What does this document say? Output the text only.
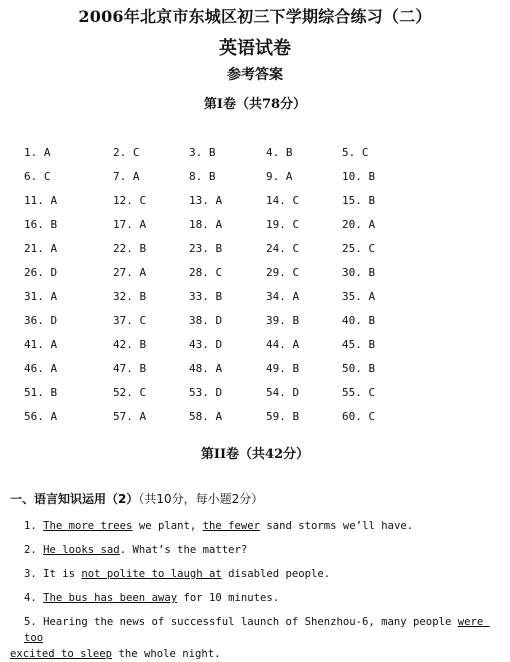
2006年北京市东城区初三下学期综合练习（二）
英语试卷
参考答案
第I卷（共78分）
1. A	2. C	3. B	4. B	5. C
6. C	7. A	8. B	9. A	10. B
11. A	12. C	13. A	14. C	15. B
16. B	17. A	18. A	19. C	20. A
21. A	22. B	23. B	24. C	25. C
26. D	27. A	28. C	29. C	30. B
31. A	32. B	33. B	34. A	35. A
36. D	37. C	38. D	39. B	40. B
41. A	42. B	43. D	44. A	45. B
46. A	47. B	48. A	49. B	50. B
51. B	52. C	53. D	54. D	55. C
56. A	57. A	58. A	59. B	60. C
第II卷（共42分）
一、语言知识运用（2）（共10分，每小题2分）
1. The more trees we plant, the fewer sand storms we’ll have.
2. He looks sad. What’s the matter?
3. It is not polite to laugh at disabled people.
4. The bus has been away for 10 minutes.
5. Hearing the news of successful launch of Shenzhou-6, many people were too
excited to sleep the whole night.
